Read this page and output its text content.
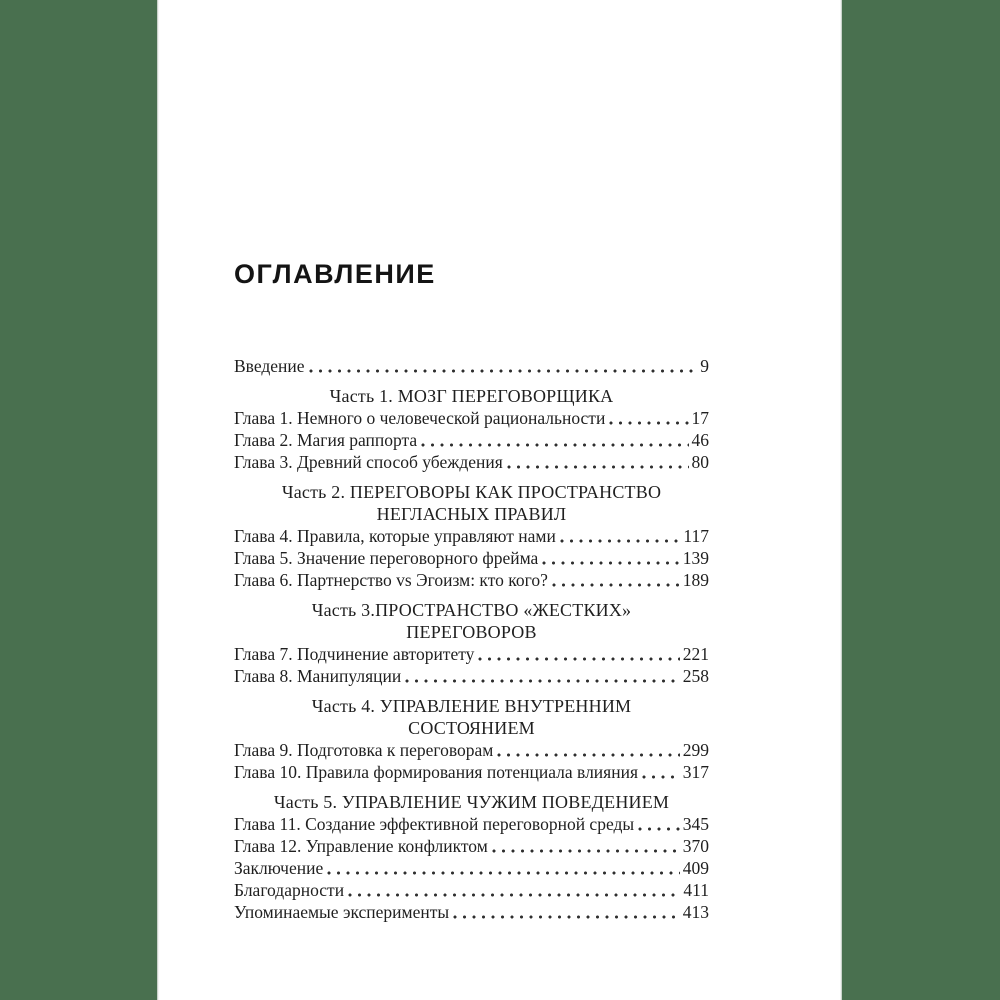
ОГЛАВЛЕНИЕ
Введение	9
Часть 1. МОЗГ ПЕРЕГОВОРЩИКА
Глава 1. Немного о человеческой рациональности	17
Глава 2. Магия раппорта	46
Глава 3. Древний способ убеждения	80
Часть 2. ПЕРЕГОВОРЫ КАК ПРОСТРАНСТВО
НЕГЛАСНЫХ ПРАВИЛ
Глава 4. Правила, которые управляют нами	117
Глава 5. Значение переговорного фрейма	139
Глава 6. Партнерство vs Эгоизм: кто кого?	189
Часть 3.ПРОСТРАНСТВО «ЖЕСТКИХ»
ПЕРЕГОВОРОВ
Глава 7. Подчинение авторитету	221
Глава 8. Манипуляции	258
Часть 4. УПРАВЛЕНИЕ ВНУТРЕННИМ
СОСТОЯНИЕМ
Глава 9. Подготовка к переговорам	299
Глава 10. Правила формирования потенциала влияния	317
Часть 5. УПРАВЛЕНИЕ ЧУЖИМ ПОВЕДЕНИЕМ
Глава 11. Создание эффективной переговорной среды	345
Глава 12. Управление конфликтом	370
Заключение	409
Благодарности	411
Упоминаемые эксперименты	413
